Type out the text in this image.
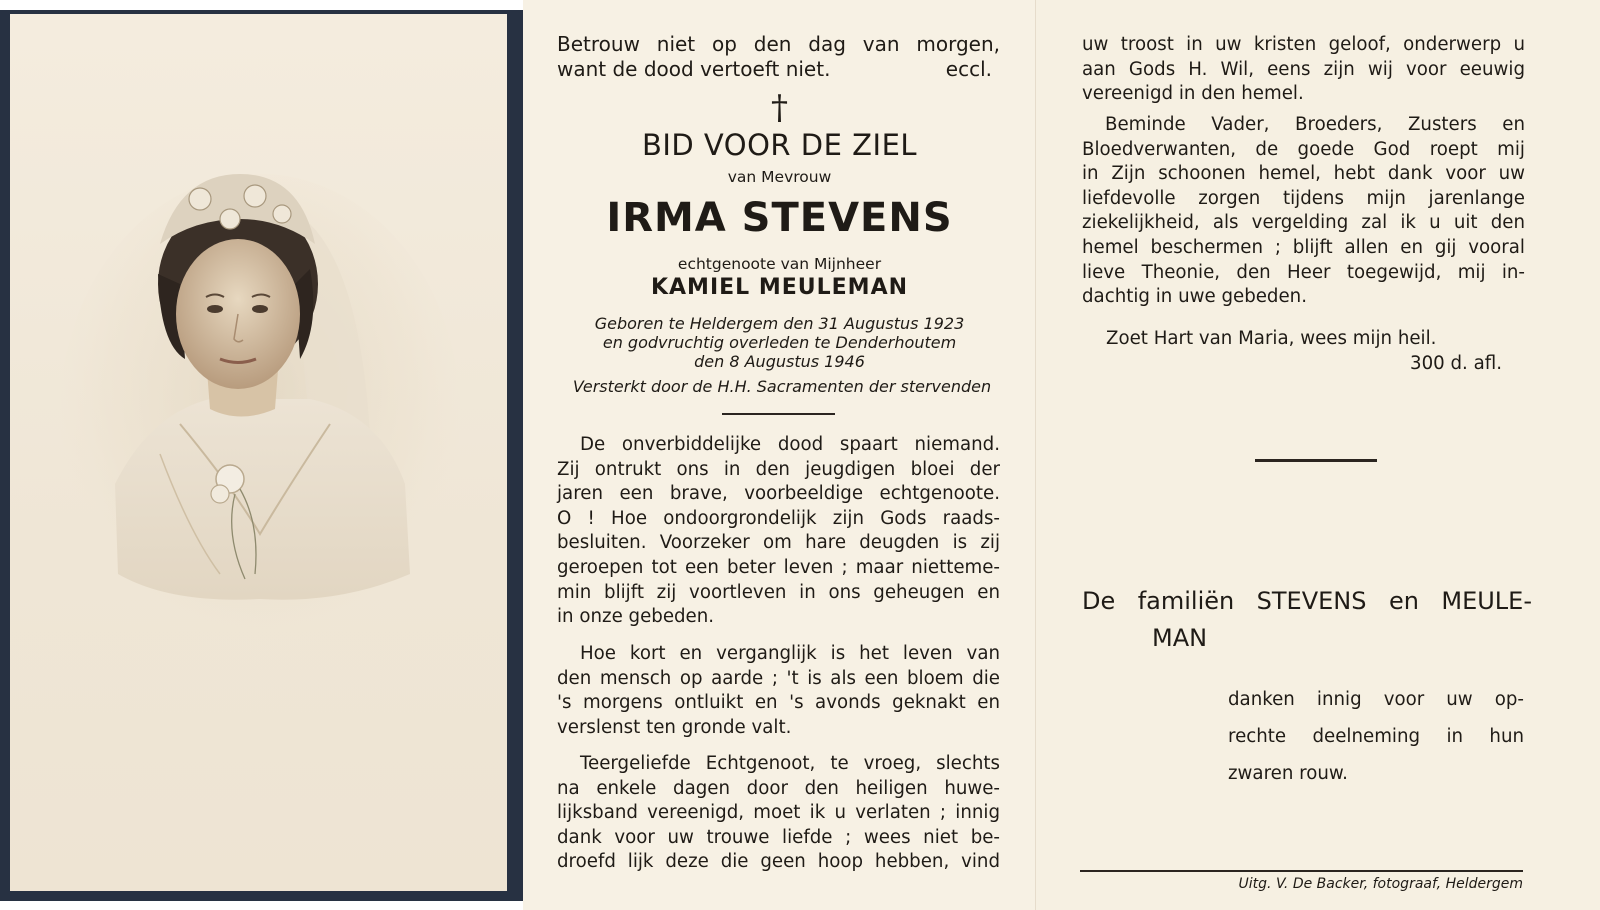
Betrouw niet op den dag van morgen,
want de dood vertoeft niet.	eccl.
†
BID VOOR DE ZIEL
van Mevrouw
IRMA STEVENS
echtgenoote van Mijnheer
KAMIEL MEULEMAN
Geboren te Heldergem den 31 Augustus 1923
en godvruchtig overleden te Denderhoutem
den 8 Augustus 1946
Versterkt door de H.H. Sacramenten der stervenden
De onverbiddelijke dood spaart niemand.
Zij ontrukt ons in den jeugdigen bloei der
jaren een brave, voorbeeldige echtgenoote.
O ! Hoe ondoorgrondelijk zijn Gods raads-
besluiten. Voorzeker om hare deugden is zij
geroepen tot een beter leven ; maar nietteme-
min blijft zij voortleven in ons geheugen en
in onze gebeden.
Hoe kort en verganglijk is het leven van
den mensch op aarde ; 't is als een bloem die
's morgens ontluikt en 's avonds geknakt en
verslenst ten gronde valt.
Teergeliefde Echtgenoot, te vroeg, slechts
na enkele dagen door den heiligen huwe-
lijksband vereenigd, moet ik u verlaten ; innig
dank voor uw trouwe liefde ; wees niet be-
droefd lijk deze die geen hoop hebben, vind
uw troost in uw kristen geloof, onderwerp u
aan Gods H. Wil, eens zijn wij voor eeuwig
vereenigd in den hemel.
Beminde Vader, Broeders, Zusters en
Bloedverwanten, de goede God roept mij
in Zijn schoonen hemel, hebt dank voor uw
liefdevolle zorgen tijdens mijn jarenlange
ziekelijkheid, als vergelding zal ik u uit den
hemel beschermen ; blijft allen en gij vooral
lieve Theonie, den Heer toegewijd, mij in-
dachtig in uwe gebeden.
Zoet Hart van Maria, wees mijn heil.
300 d. afl.
De familiën STEVENS en MEULE-
MAN
danken innig voor uw op-
rechte deelneming in hun
zwaren rouw.
Uitg. V. De Backer, fotograaf, Heldergem
